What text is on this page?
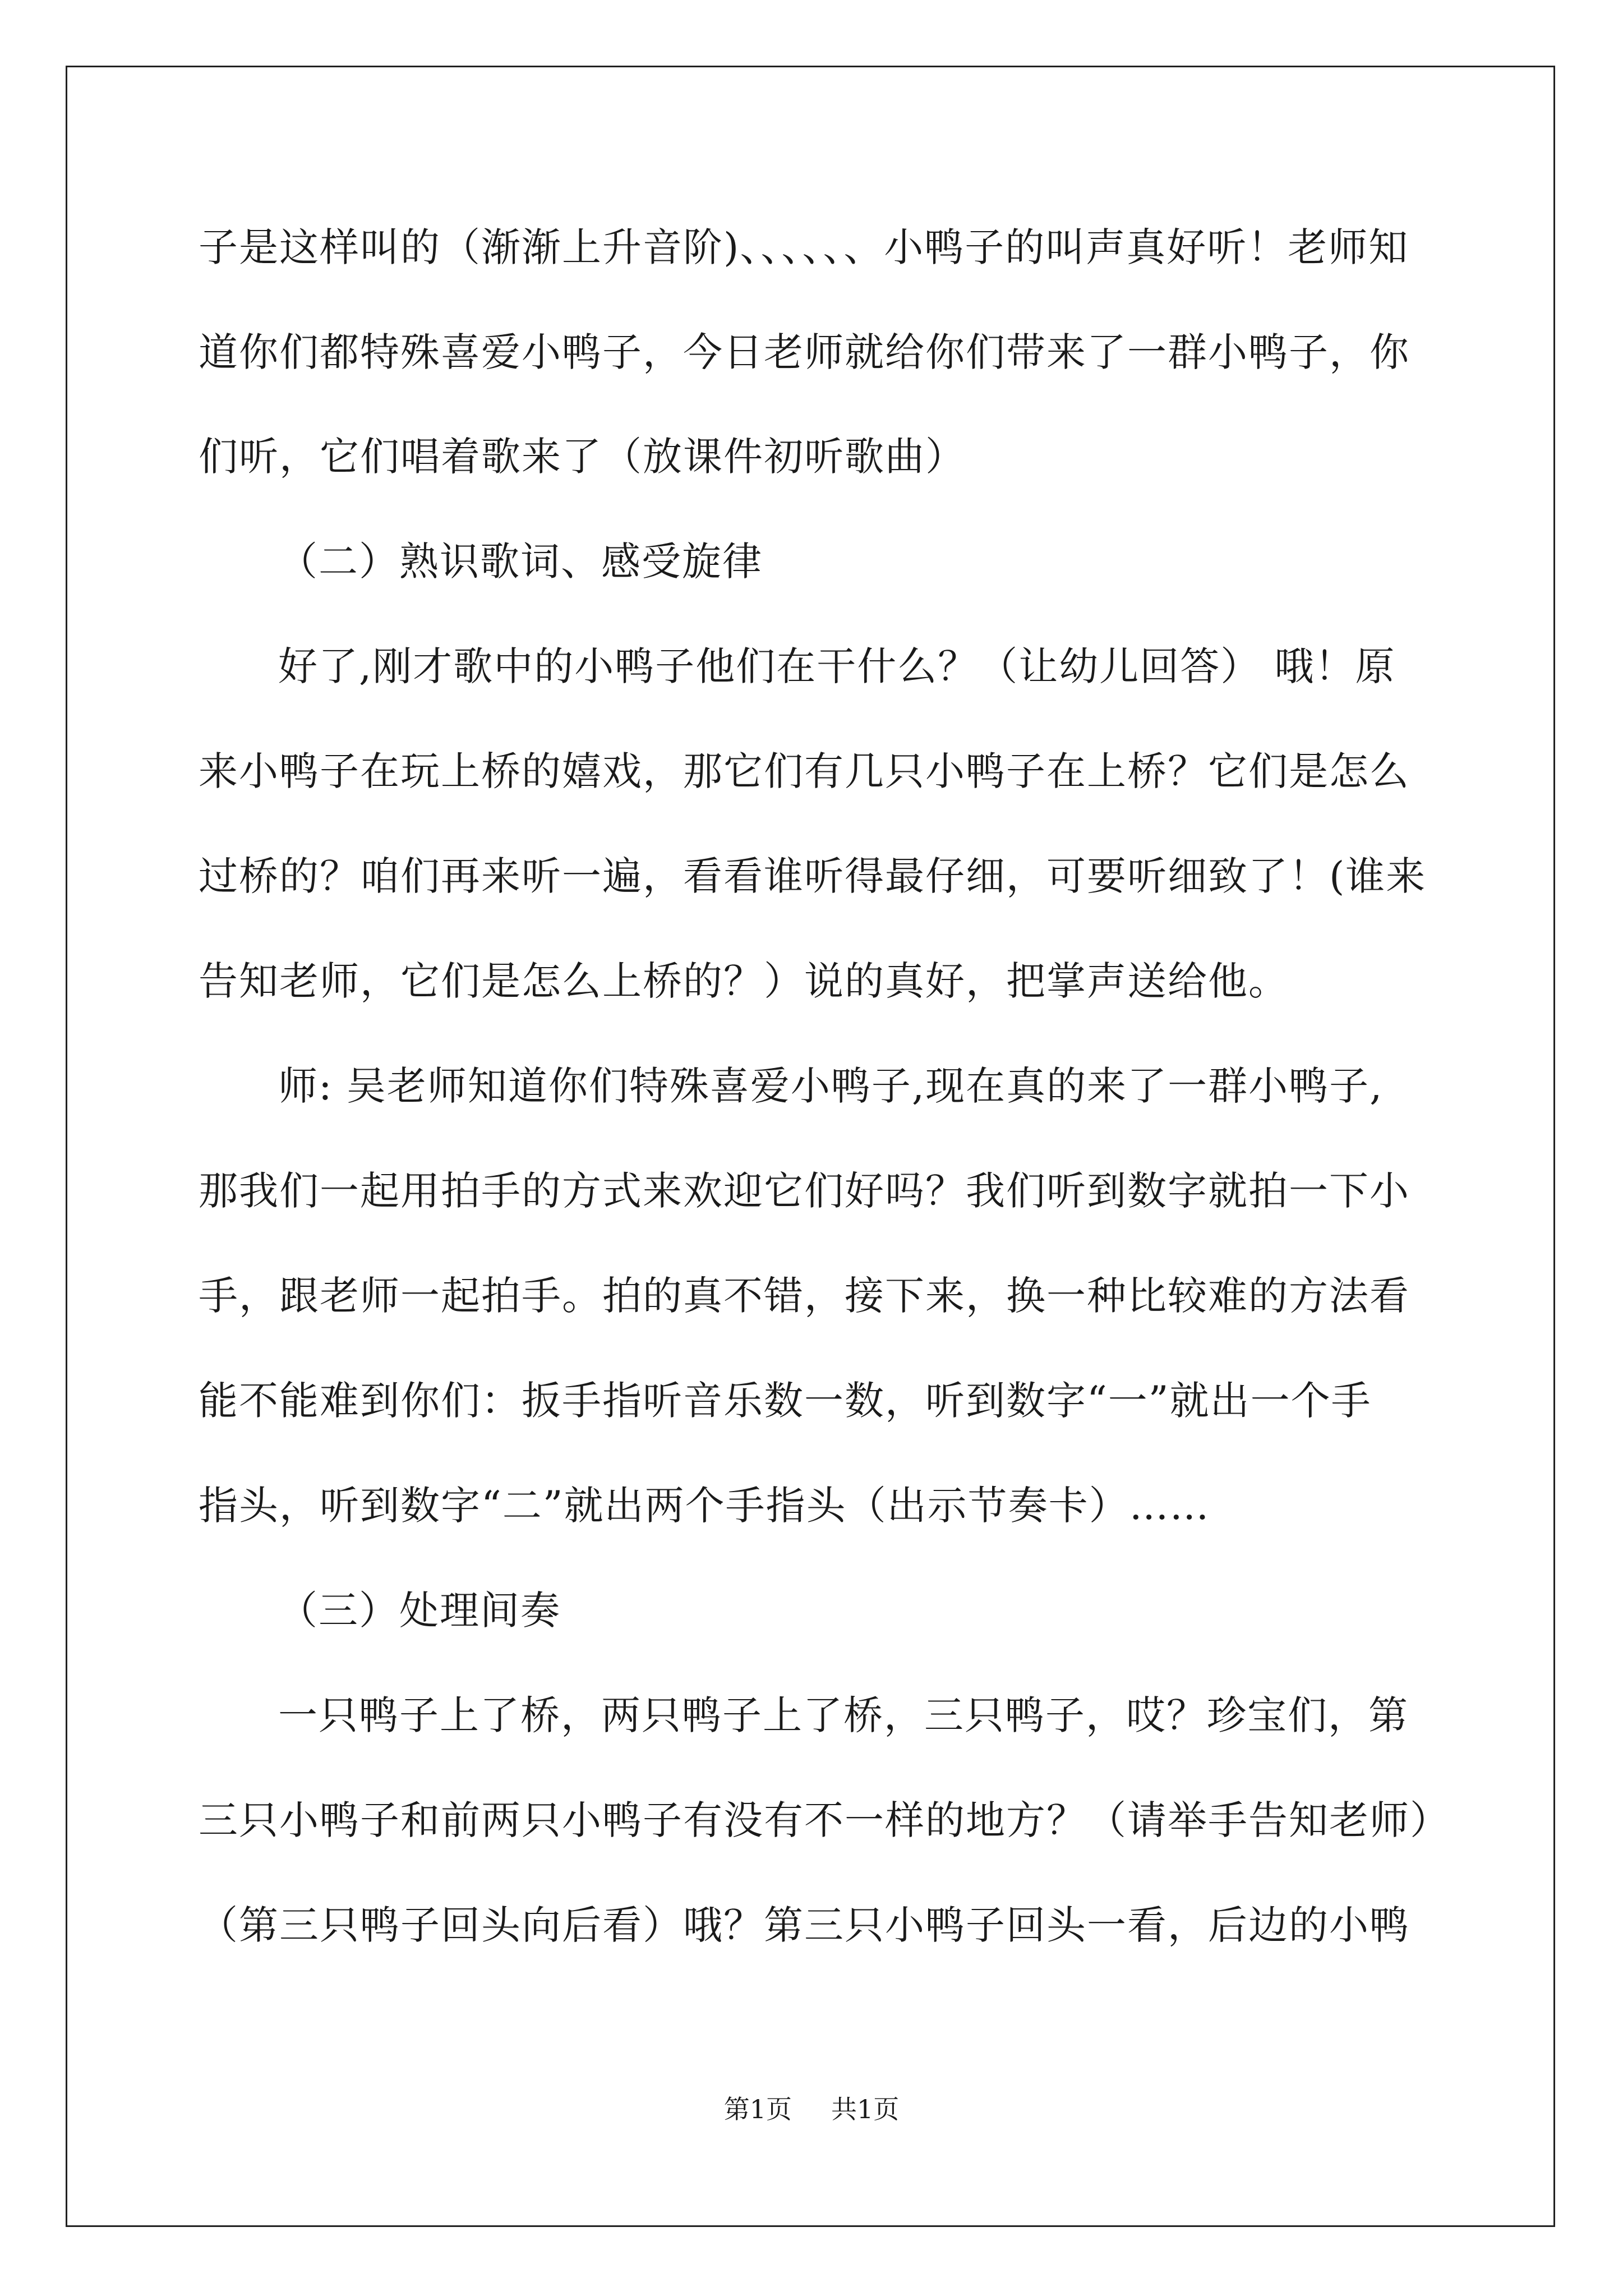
子是这样叫的（渐渐上升音阶)、、、、、、小鸭子的叫声真好听！老师知
道你们都特殊喜爱小鸭子，今日老师就给你们带来了一群小鸭子，你
们听，它们唱着歌来了（放课件初听歌曲）
（二）熟识歌词、感受旋律
好了,刚才歌中的小鸭子他们在干什么？（让幼儿回答） 哦！原
来小鸭子在玩上桥的嬉戏，那它们有几只小鸭子在上桥？它们是怎么
过桥的？咱们再来听一遍，看看谁听得最仔细，可要听细致了！(谁来
告知老师，它们是怎么上桥的？）说的真好，把掌声送给他。
师: 吴老师知道你们特殊喜爱小鸭子,现在真的来了一群小鸭子,
那我们一起用拍手的方式来欢迎它们好吗？我们听到数字就拍一下小
手，跟老师一起拍手。拍的真不错，接下来，换一种比较难的方法看
能不能难到你们：扳手指听音乐数一数，听到数字“一”就出一个手
指头，听到数字“二”就出两个手指头（出示节奏卡）……
（三）处理间奏
一只鸭子上了桥，两只鸭子上了桥，三只鸭子，哎？珍宝们，第
三只小鸭子和前两只小鸭子有没有不一样的地方？（请举手告知老师）
（第三只鸭子回头向后看）哦？第三只小鸭子回头一看，后边的小鸭
第1页 共1页
